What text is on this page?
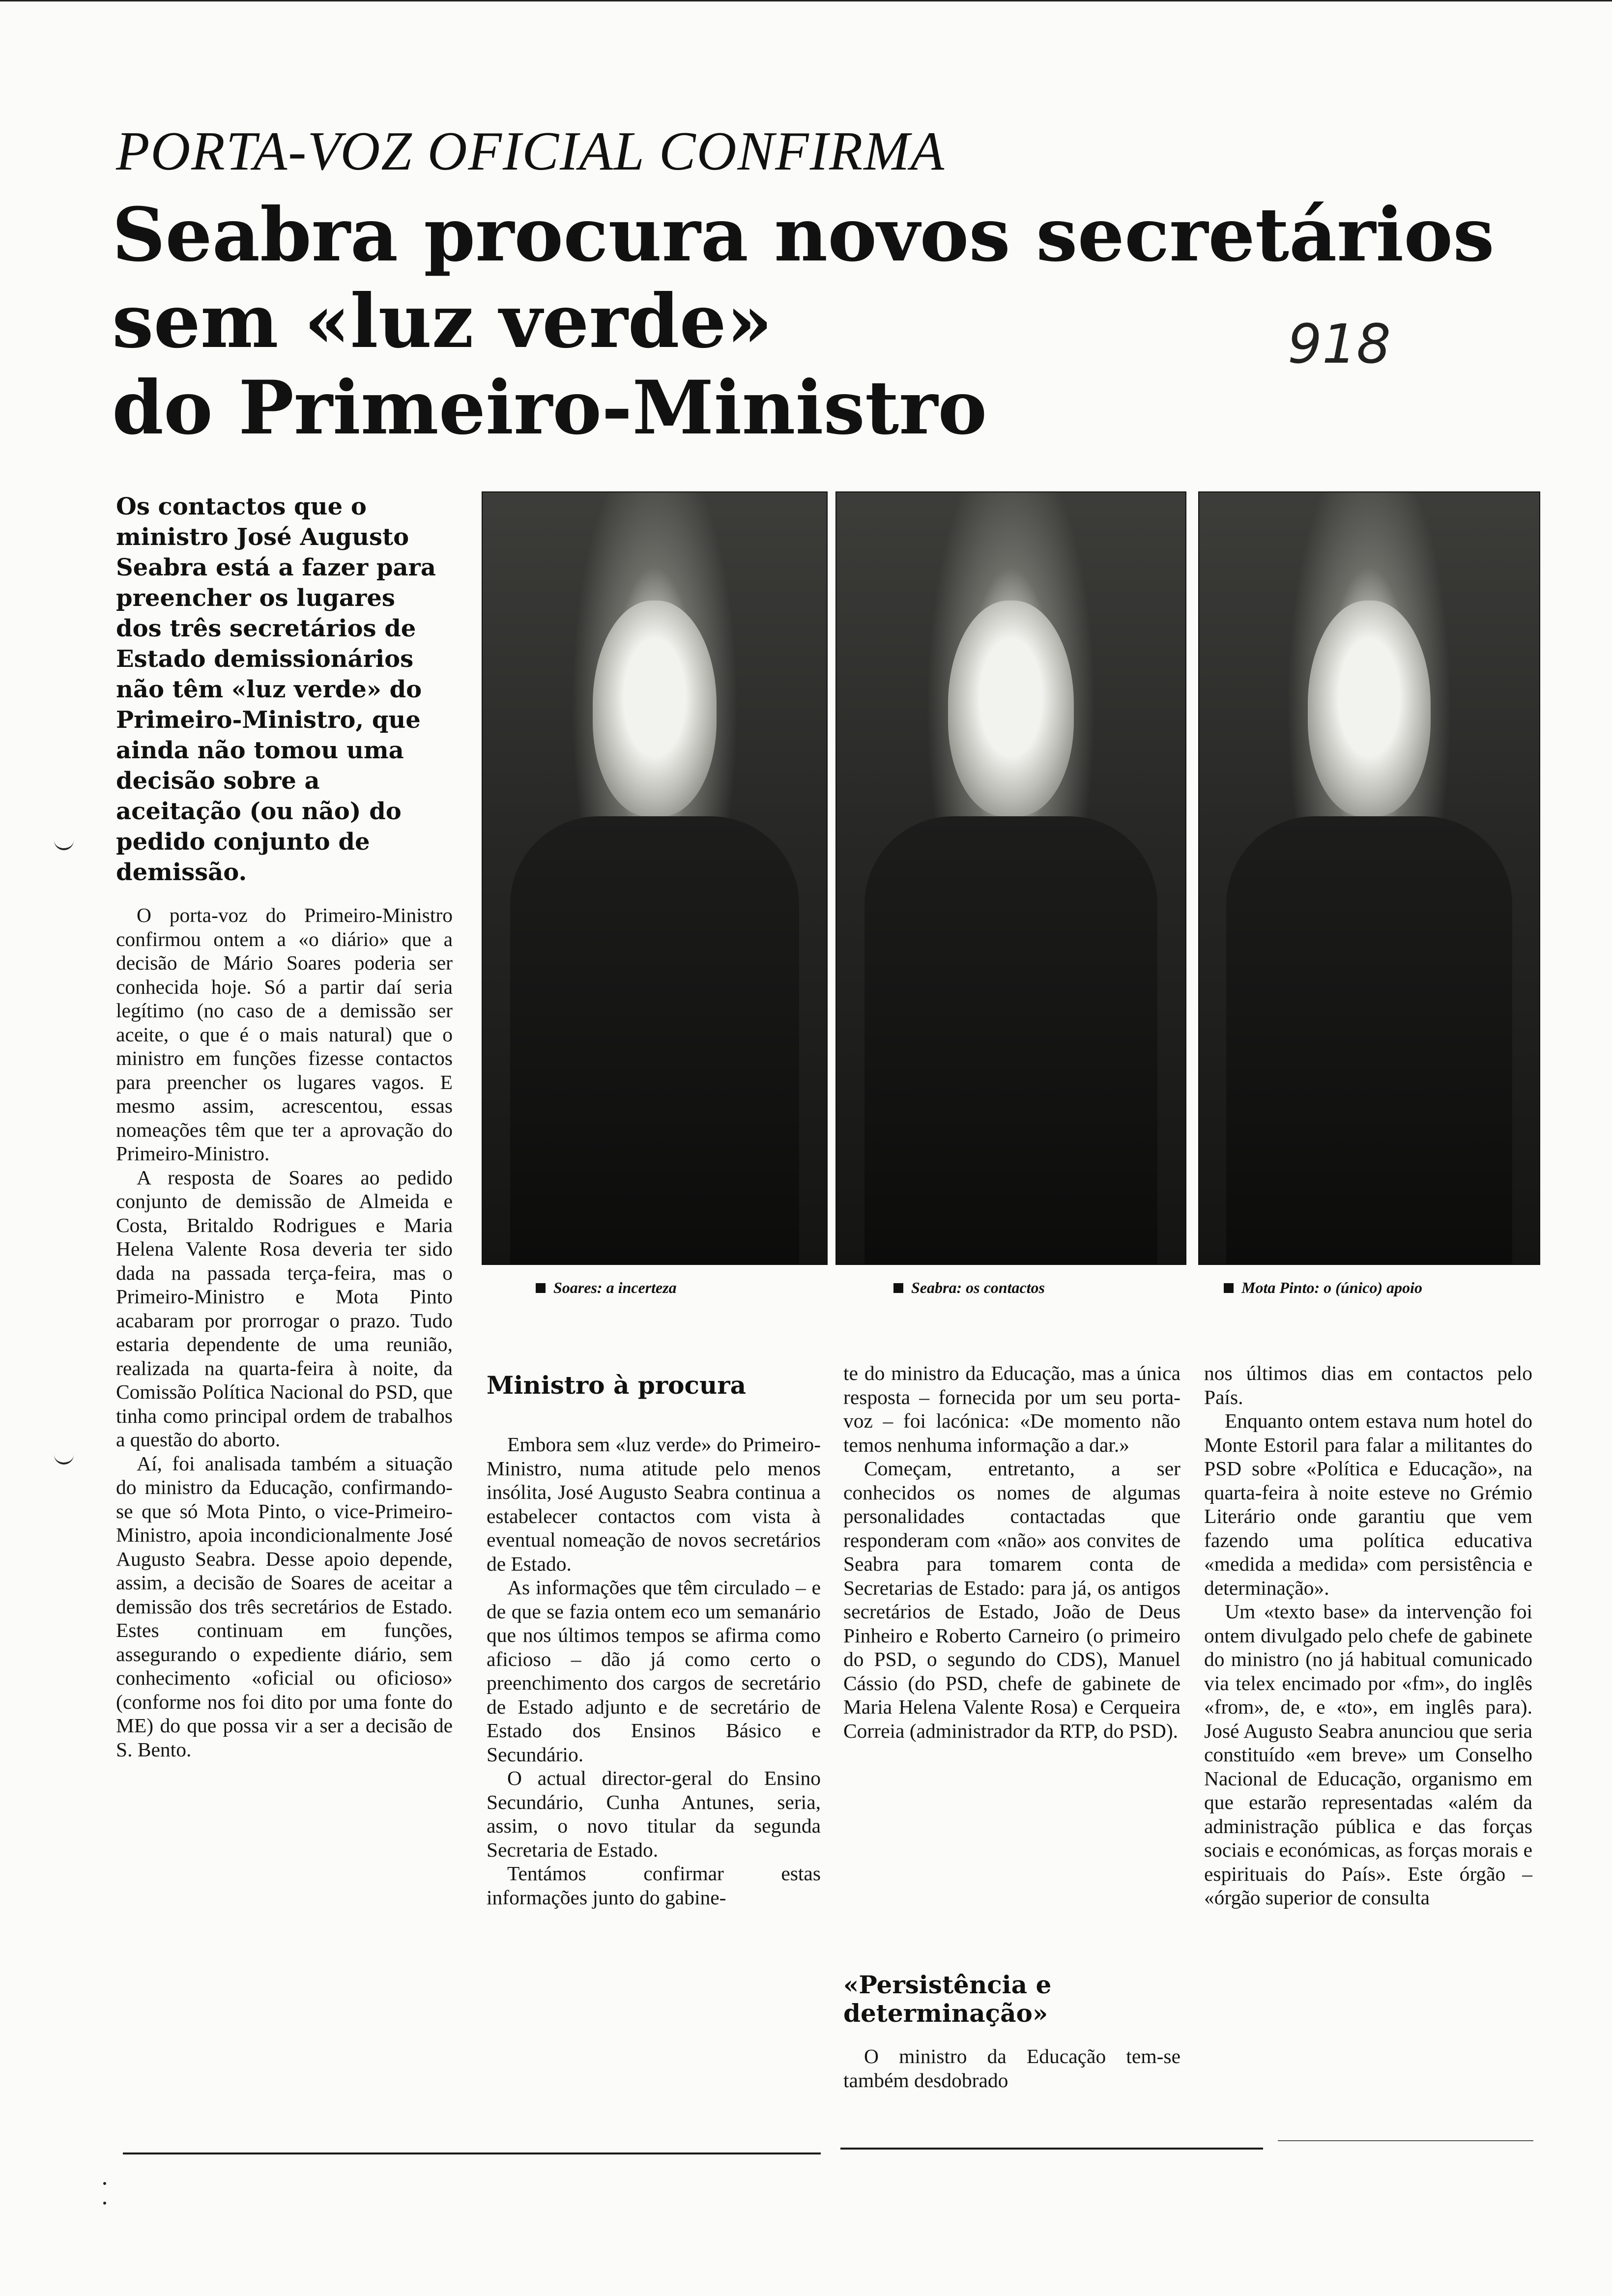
PORTA-VOZ OFICIAL CONFIRMA
Seabra procura novos secretários
sem «luz verde»
do Primeiro-Ministro
918
Os contactos que o ministro José Augusto Seabra está a fazer para preencher os lugares dos três secretários de Estado demissionários não têm «luz verde» do Primeiro-Ministro, que ainda não tomou uma decisão sobre a aceitação (ou não) do pedido conjunto de demissão.
Soares: a incerteza	Seabra: os contactos	Mota Pinto: o (único) apoio

O porta-voz do Primeiro-Ministro confirmou ontem a «o diário» que a decisão de Mário Soares poderia ser conhecida hoje. Só a partir daí seria legítimo (no caso de a demissão ser aceite, o que é o mais natural) que o ministro em funções fizesse contactos para preencher os lugares vagos. E mesmo assim, acrescentou, essas nomeações têm que ter a aprovação do Primeiro-Ministro.

A resposta de Soares ao pedido conjunto de demissão de Almeida e Costa, Britaldo Rodrigues e Maria Helena Valente Rosa deveria ter sido dada na passada terça-feira, mas o Primeiro-Ministro e Mota Pinto acabaram por prorrogar o prazo. Tudo estaria dependente de uma reunião, realizada na quarta-feira à noite, da Comissão Política Nacional do PSD, que tinha como principal ordem de trabalhos a questão do aborto.

Aí, foi analisada também a situação do ministro da Educação, confirmando-se que só Mota Pinto, o vice-Primeiro-Ministro, apoia incondicionalmente José Augusto Seabra. Desse apoio depende, assim, a decisão de Soares de aceitar a demissão dos três secretários de Estado. Estes continuam em funções, assegurando o expediente diário, sem conhecimento «oficial ou oficioso» (conforme nos foi dito por uma fonte do ME) do que possa vir a ser a decisão de S. Bento.

Ministro à procura

Embora sem «luz verde» do Primeiro-Ministro, numa atitude pelo menos insólita, José Augusto Seabra continua a estabelecer contactos com vista à eventual nomeação de novos secretários de Estado.

As informações que têm circulado – e de que se fazia ontem eco um semanário que nos últimos tempos se afirma como aficioso – dão já como certo o preenchimento dos cargos de secretário de Estado adjunto e de secretário de Estado dos Ensinos Básico e Secundário.

O actual director-geral do Ensino Secundário, Cunha Antunes, seria, assim, o novo titular da segunda Secretaria de Estado.

Tentámos confirmar estas informações junto do gabine-

te do ministro da Educação, mas a única resposta – fornecida por um seu porta-voz – foi lacónica: «De momento não temos nenhuma informação a dar.»

Começam, entretanto, a ser conhecidos os nomes de algumas personalidades contactadas que responderam com «não» aos convites de Seabra para tomarem conta de Secretarias de Estado: para já, os antigos secretários de Estado, João de Deus Pinheiro e Roberto Carneiro (o primeiro do PSD, o segundo do CDS), Manuel Cássio (do PSD, chefe de gabinete de Maria Helena Valente Rosa) e Cerqueira Correia (administrador da RTP, do PSD).

«Persistência e determinação»

O ministro da Educação tem-se também desdobrado

nos últimos dias em contactos pelo País.

Enquanto ontem estava num hotel do Monte Estoril para falar a militantes do PSD sobre «Política e Educação», na quarta-feira à noite esteve no Grémio Literário onde garantiu que vem fazendo uma política educativa «medida a medida» com persistência e determinação».

Um «texto base» da intervenção foi ontem divulgado pelo chefe de gabinete do ministro (no já habitual comunicado via telex encimado por «fm», do inglês «from», de, e «to», em inglês para). José Augusto Seabra anunciou que seria constituído «em breve» um Conselho Nacional de Educação, organismo em que estarão representadas «além da administração pública e das forças sociais e económicas, as forças morais e espirituais do País». Este órgão – «órgão superior de consulta
